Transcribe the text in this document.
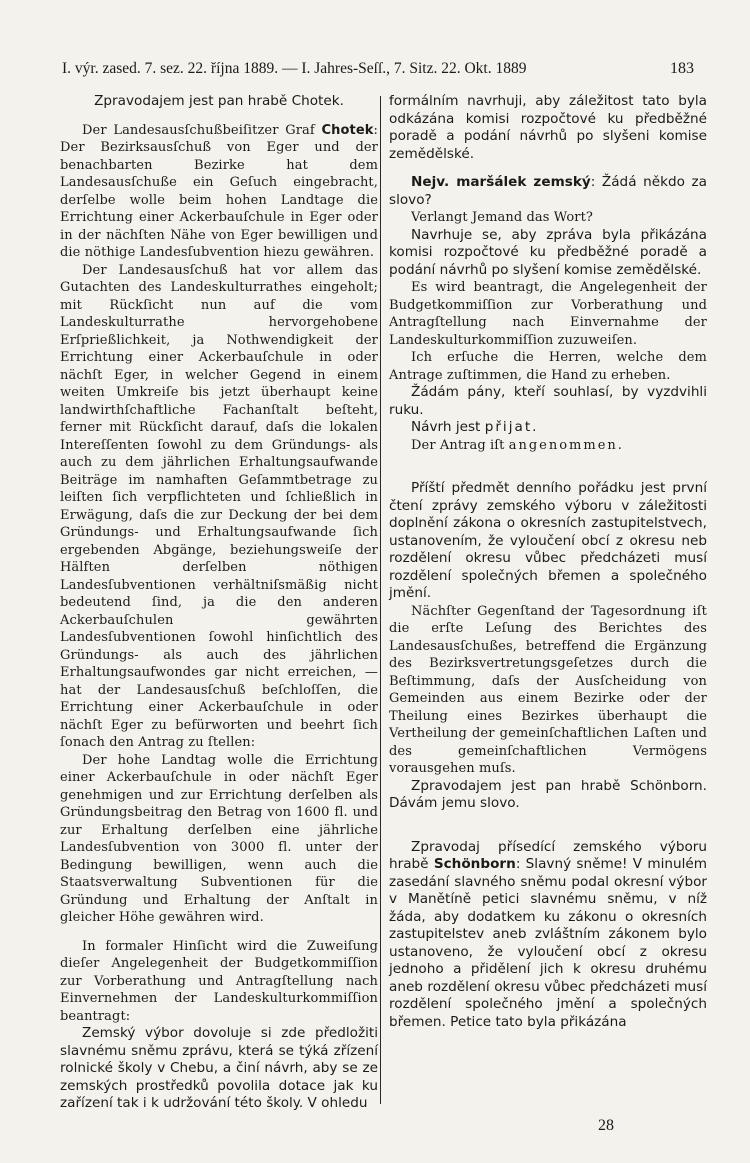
I. výr. zased. 7. sez. 22. října 1889. — I. Jahres-Seſſ., 7. Sitz. 22. Okt. 1889	183

Zpravodajem jest pan hrabě Chotek.

Der Landesausſchußbeiſitzer Graf Chotek: Der Bezirksausſchuß von Eger und der benachbarten Bezirke hat dem Landesausſchuße ein Geſuch eingebracht, derſelbe wolle beim hohen Landtage die Errichtung einer Ackerbauſchule in Eger oder in der nächſten Nähe von Eger bewilligen und die nöthige Landesſubvention hiezu gewähren.

Der Landesausſchuß hat vor allem das Gutachten des Landeskulturrathes eingeholt; mit Rückſicht nun auf die vom Landeskulturrathe hervorgehobene Erſprießlichkeit, ja Nothwendigkeit der Errichtung einer Ackerbauſchule in oder nächſt Eger, in welcher Gegend in einem weiten Umkreiſe bis jetzt überhaupt keine landwirthſchaftliche Fachanſtalt beſteht, ferner mit Rückſicht darauf, daſs die lokalen Intereſſenten ſowohl zu dem Gründungs- als auch zu dem jährlichen Erhaltungsaufwande Beiträge im namhaften Geſammtbetrage zu leiſten ſich verpflichteten und ſchließlich in Erwägung, daſs die zur Deckung der bei dem Gründungs- und Erhaltungsaufwande ſich ergebenden Abgänge, beziehungsweiſe der Hälften derſelben nöthigen Landesſubventionen verhältniſsmäßig nicht bedeutend ſind, ja die den anderen Ackerbauſchulen gewährten Landesſubventionen ſowohl hinſichtlich des Gründungs- als auch des jährlichen Erhaltungsaufwondes gar nicht erreichen, — hat der Landesausſchuß beſchloſſen, die Errichtung einer Ackerbauſchule in oder nächſt Eger zu befürworten und beehrt ſich ſonach den Antrag zu ſtellen:

Der hohe Landtag wolle die Errichtung einer Ackerbauſchule in oder nächſt Eger genehmigen und zur Errichtung derſelben als Gründungsbeitrag den Betrag von 1600 fl. und zur Erhaltung derſelben eine jährliche Landesſubvention von 3000 fl. unter der Bedingung bewilligen, wenn auch die Staatsverwaltung Subventionen für die Gründung und Erhaltung der Anſtalt in gleicher Höhe gewähren wird.

In formaler Hinſicht wird die Zuweiſung dieſer Angelegenheit der Budgetkommiſſion zur Vorberathung und Antragſtellung nach Einvernehmen der Landeskulturkommiſſion beantragt:

Zemský výbor dovoluje si zde předložiti slavnému sněmu zprávu, která se týká zřízení rolnické školy v Chebu, a činí návrh, aby se ze zemských prostředků povolila dotace jak ku zařízení tak i k udržování této školy. V ohledu

formálním navrhuji, aby záležitost tato byla odkázána komisi rozpočtové ku předběžné poradě a podání návrhů po slyšeni komise zemědělské.

Nejv. maršálek zemský: Žádá někdo za slovo?

Verlangt Jemand das Wort?

Navrhuje se, aby zpráva byla přikázána komisi rozpočtové ku předběžné poradě a podání návrhů po slyšení komise zemědělské.

Es wird beantragt, die Angelegenheit der Budgetkommiſſion zur Vorberathung und Antragſtellung nach Einvernahme der Landeskulturkommiſſion zuzuweiſen.

Ich erſuche die Herren, welche dem Antrage zuſtimmen, die Hand zu erheben.

Žádám pány, kteří souhlasí, by vyzdvihli ruku.

Návrh jest přijat.

Der Antrag iſt angenommen.

Příští předmět denního pořádku jest první čtení zprávy zemského výboru v záležitosti doplnění zákona o okresních zastupitelstvech, ustanovením, že vyloučení obcí z okresu neb rozdělení okresu vůbec předcházeti musí rozdělení společných břemen a společného jmění.

Nächſter Gegenſtand der Tagesordnung iſt die erſte Leſung des Berichtes des Landesausſchußes, betreffend die Ergänzung des Bezirksvertretungsgeſetzes durch die Beſtimmung, daſs der Ausſcheidung von Gemeinden aus einem Bezirke oder der Theilung eines Bezirkes überhaupt die Vertheilung der gemeinſchaftlichen Laſten und des gemeinſchaftlichen Vermögens vorausgehen muſs.

Zpravodajem jest pan hrabě Schönborn. Dávám jemu slovo.

Zpravodaj přísedící zemského výboru hrabě Schönborn: Slavný sněme! V minulém zasedání slavného sněmu podal okresní výbor v Manětíně petici slavnému sněmu, v níž žáda, aby dodatkem ku zákonu o okresních zastupitelstev aneb zvláštním zákonem bylo ustanoveno, že vyloučení obcí z okresu jednoho a přidělení jich k okresu druhému aneb rozdělení okresu vůbec předcházeti musí rozdělení společného jmění a společných břemen. Petice tato byla přikázána

28
